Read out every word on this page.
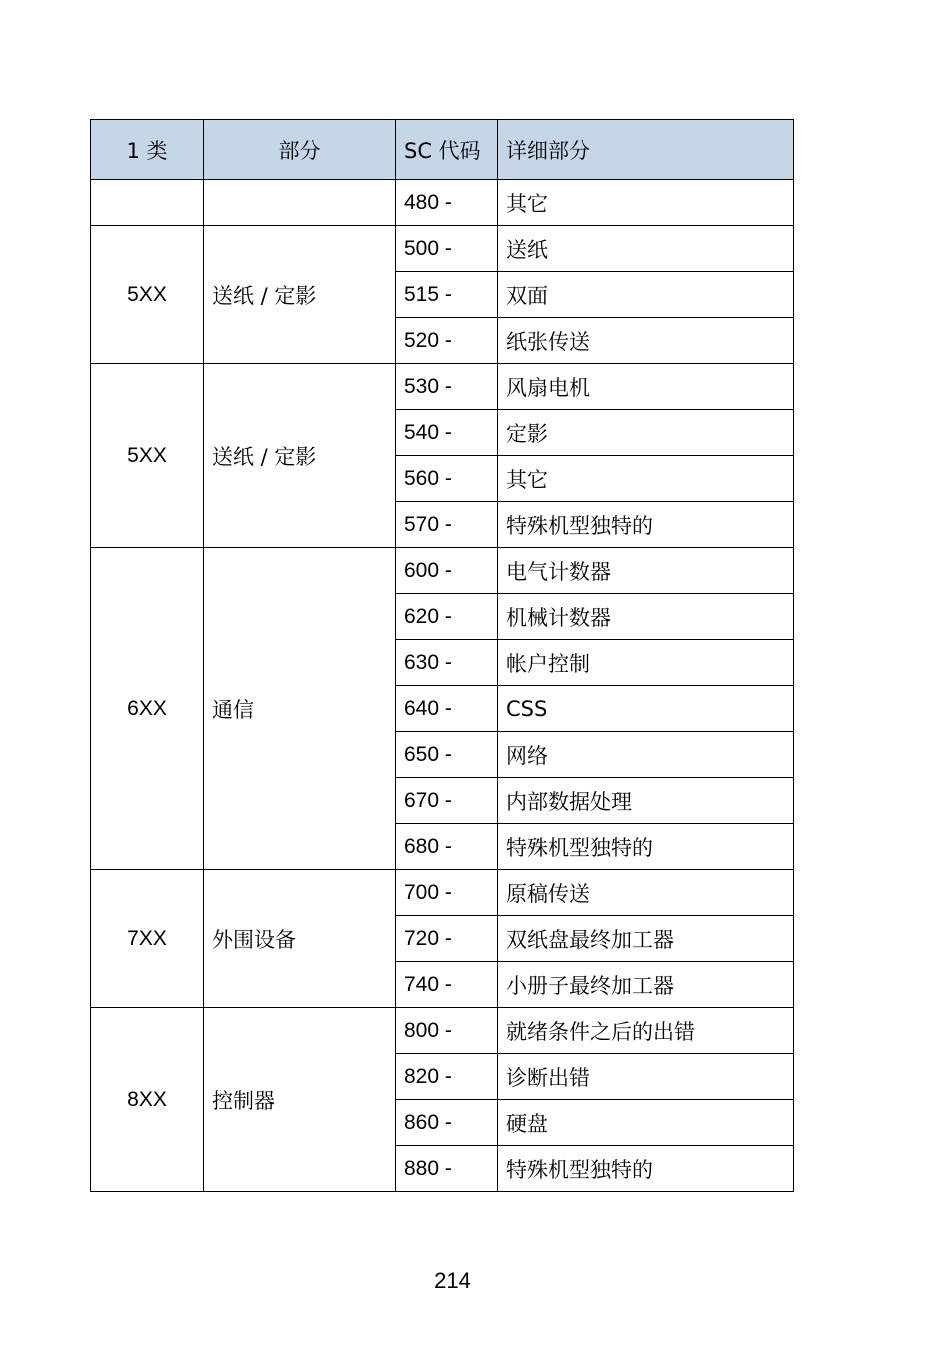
1 类	部分	SC 代码	详细部分
		480 -	其它
5XX	送纸 / 定影	500 -	送纸
		515 -	双面
		520 -	纸张传送
5XX	送纸 / 定影	530 -	风扇电机
		540 -	定影
		560 -	其它
		570 -	特殊机型独特的
6XX	通信	600 -	电气计数器
		620 -	机械计数器
		630 -	帐户控制
		640 -	CSS
		650 -	网络
		670 -	内部数据处理
		680 -	特殊机型独特的
7XX	外围设备	700 -	原稿传送
		720 -	双纸盘最终加工器
		740 -	小册子最终加工器
8XX	控制器	800 -	就绪条件之后的出错
		820 -	诊断出错
		860 -	硬盘
		880 -	特殊机型独特的
214
